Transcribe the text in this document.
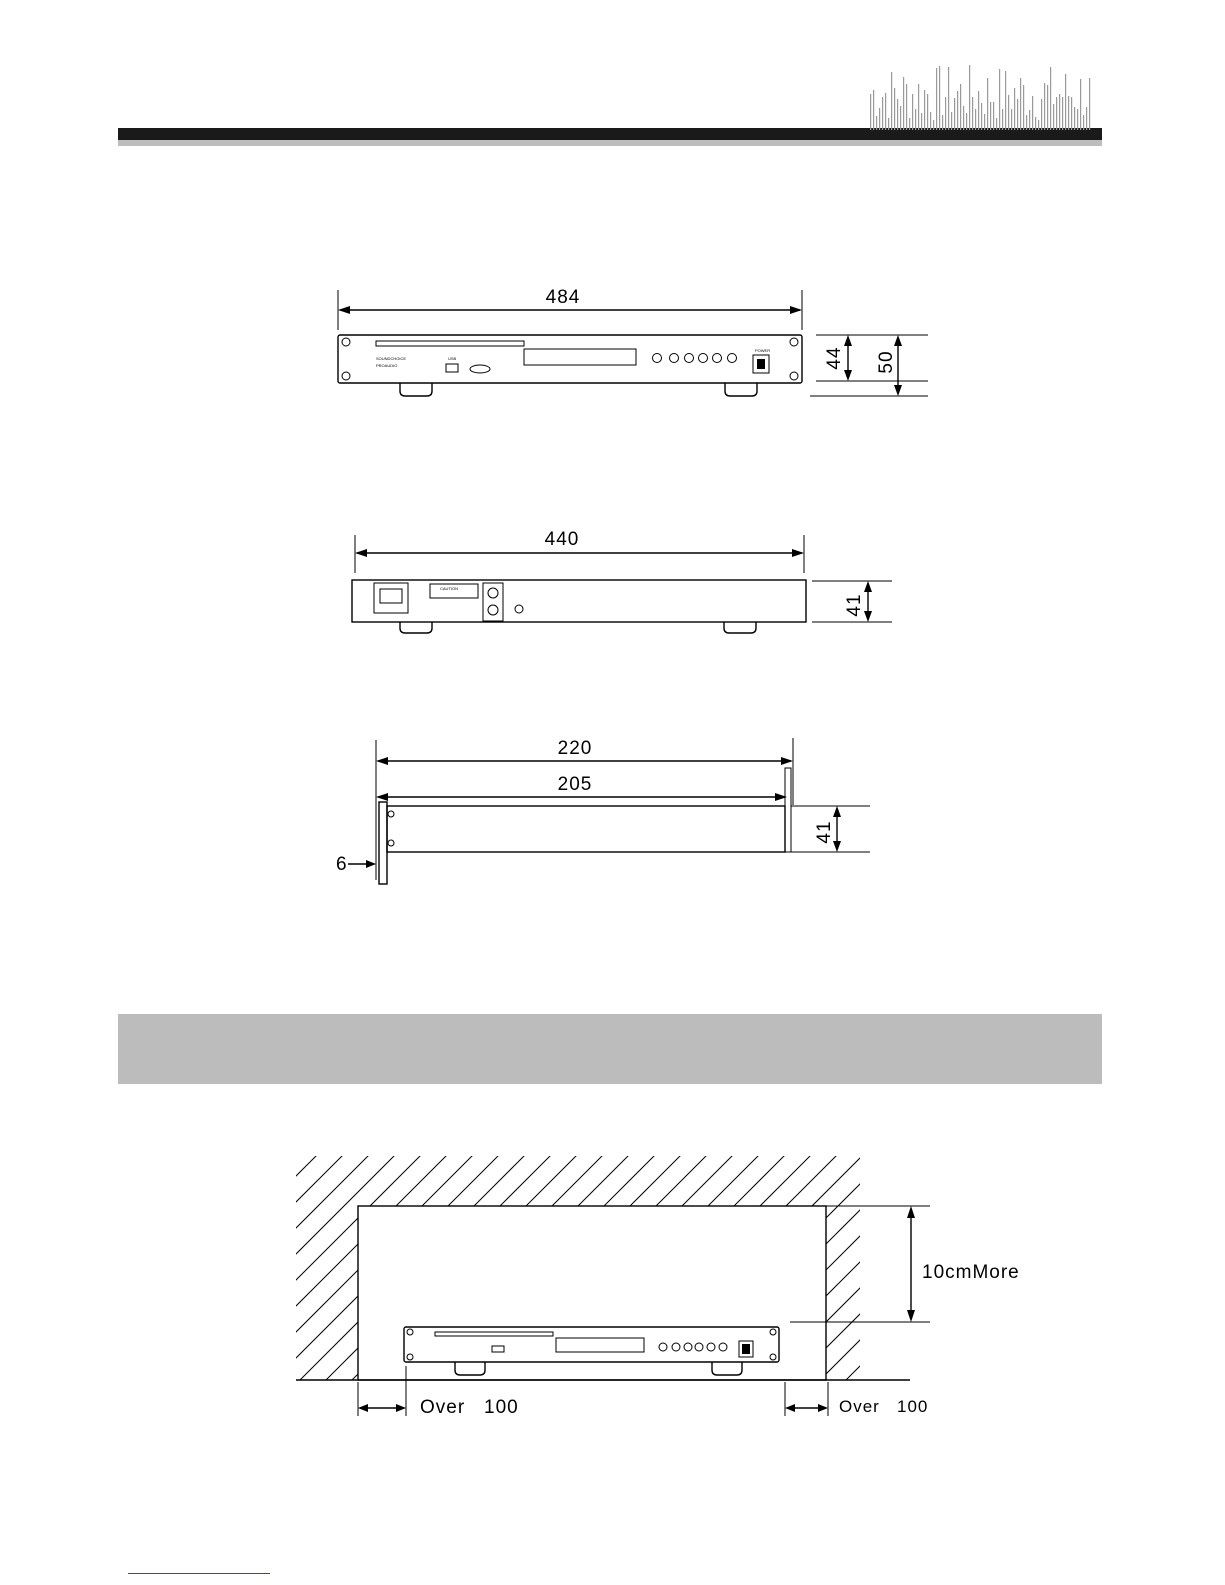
484
SOUNDCHOICE
PROAUDIO
USB
POWER	44 50
440
CAUTION
41
220
205
41
6
10cmMore
Over   100	Over   100
